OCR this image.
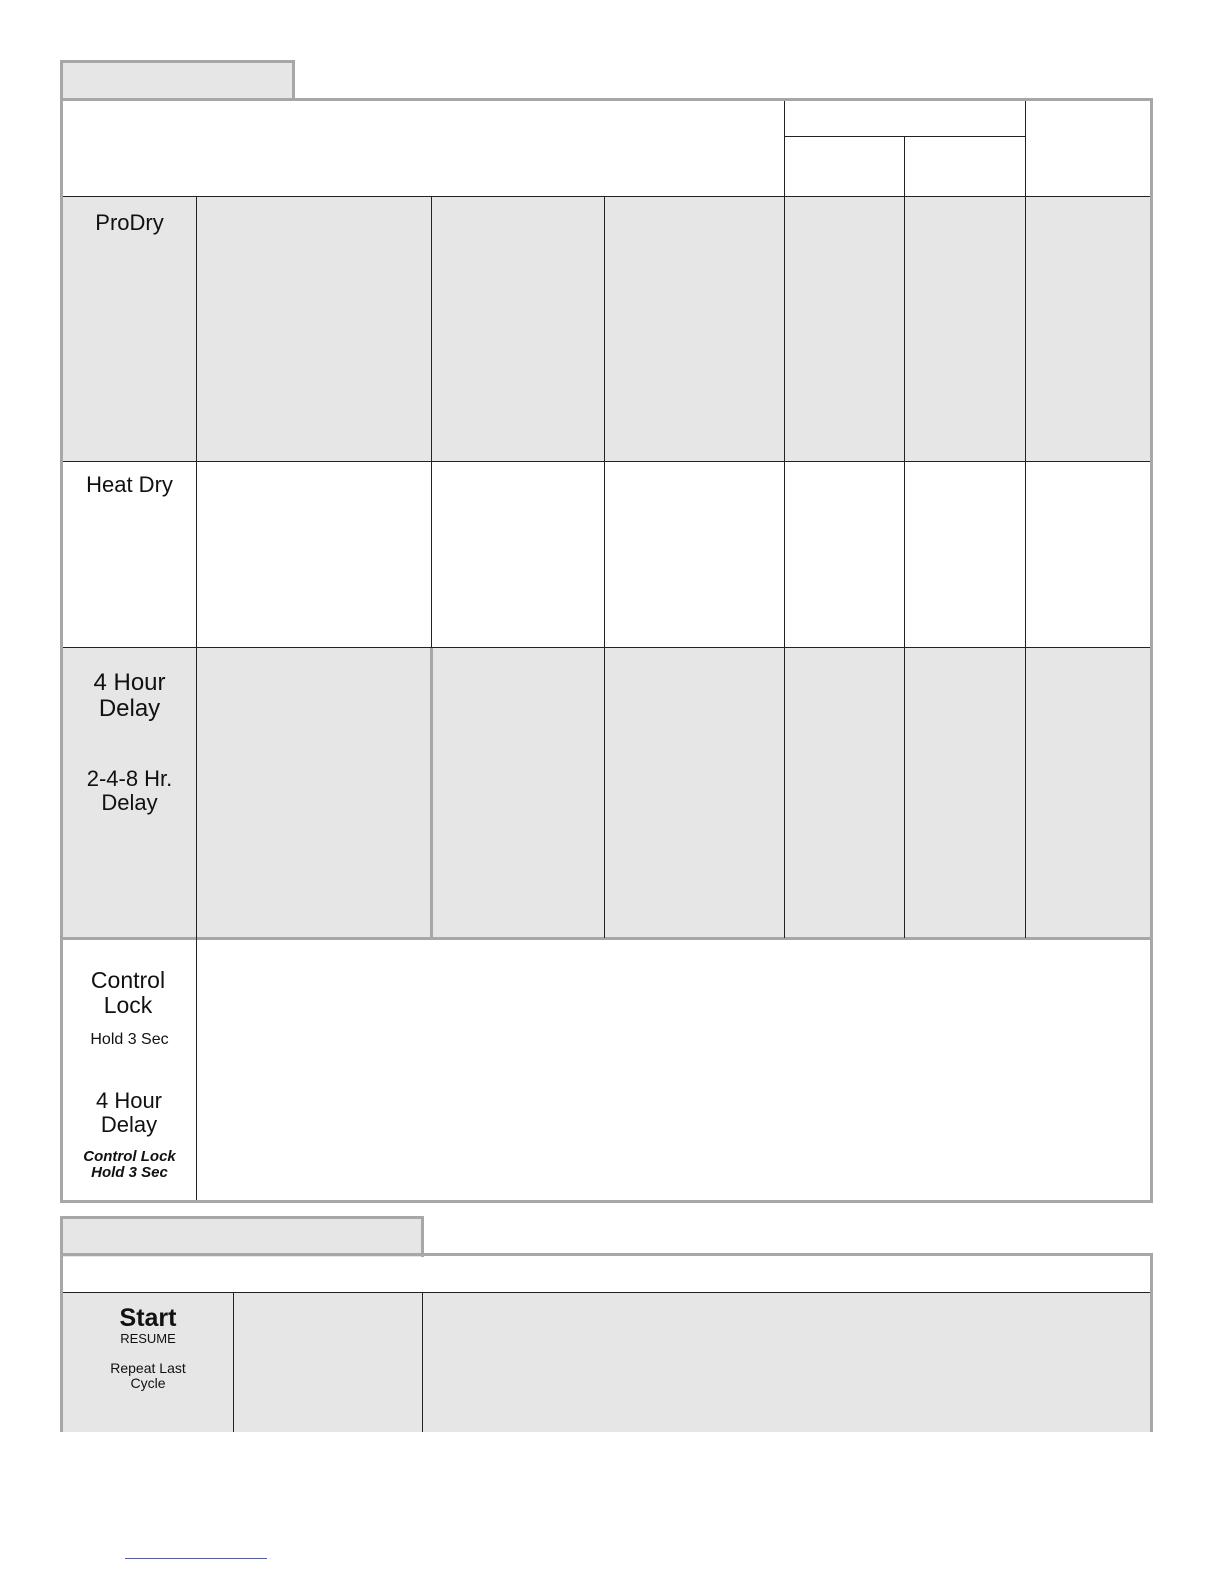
ProDry
Heat Dry
4 Hour Delay
2-4-8 Hr. Delay
Control Lock
Hold 3 Sec
4 Hour Delay
Control Lock Hold 3 Sec
Start
RESUME
Repeat Last Cycle
